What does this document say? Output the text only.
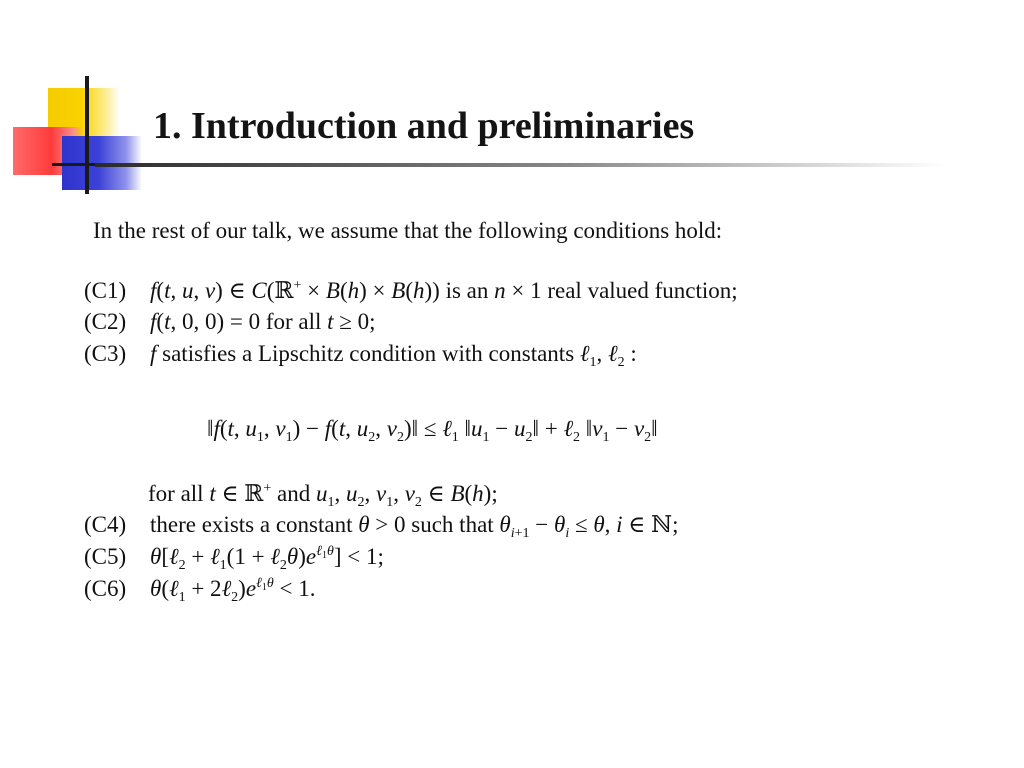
1. Introduction and preliminaries
In the rest of our talk, we assume that the following conditions hold:
(C1) f(t, u, v) ∈ C(ℝ+ × B(h) × B(h)) is an n × 1 real valued function;
(C2) f(t, 0, 0) = 0 for all t ≥ 0;
(C3) f satisfies a Lipschitz condition with constants ℓ$_1$, ℓ$_2$ :
‖f(t, $u_1$, $v_1) - f(t$, $u_2$, $v_2)‖$ ≤ ℓ$_1$ $‖u_1$ − $u_2‖$ + ℓ$_2$ $‖v_1$ − $v_2‖$
for all t ∈ ℝ+ and $u_1$, $u_2$, $v_1$, $v_2$ ∈ B(h);
(C4) there exists a constant θ > 0 such that $\theta_{i+1} - \theta_i \le \theta$, i ∈ ℕ;
(C5) θ[ℓ$_2$ + ℓ$_1$(1 + $\ell_2\theta)e^{\ell_1\theta}] < 1$;
(C6) θ(ℓ$_1$ + $2\ell_2)e^{\ell_1\theta} < 1$.
